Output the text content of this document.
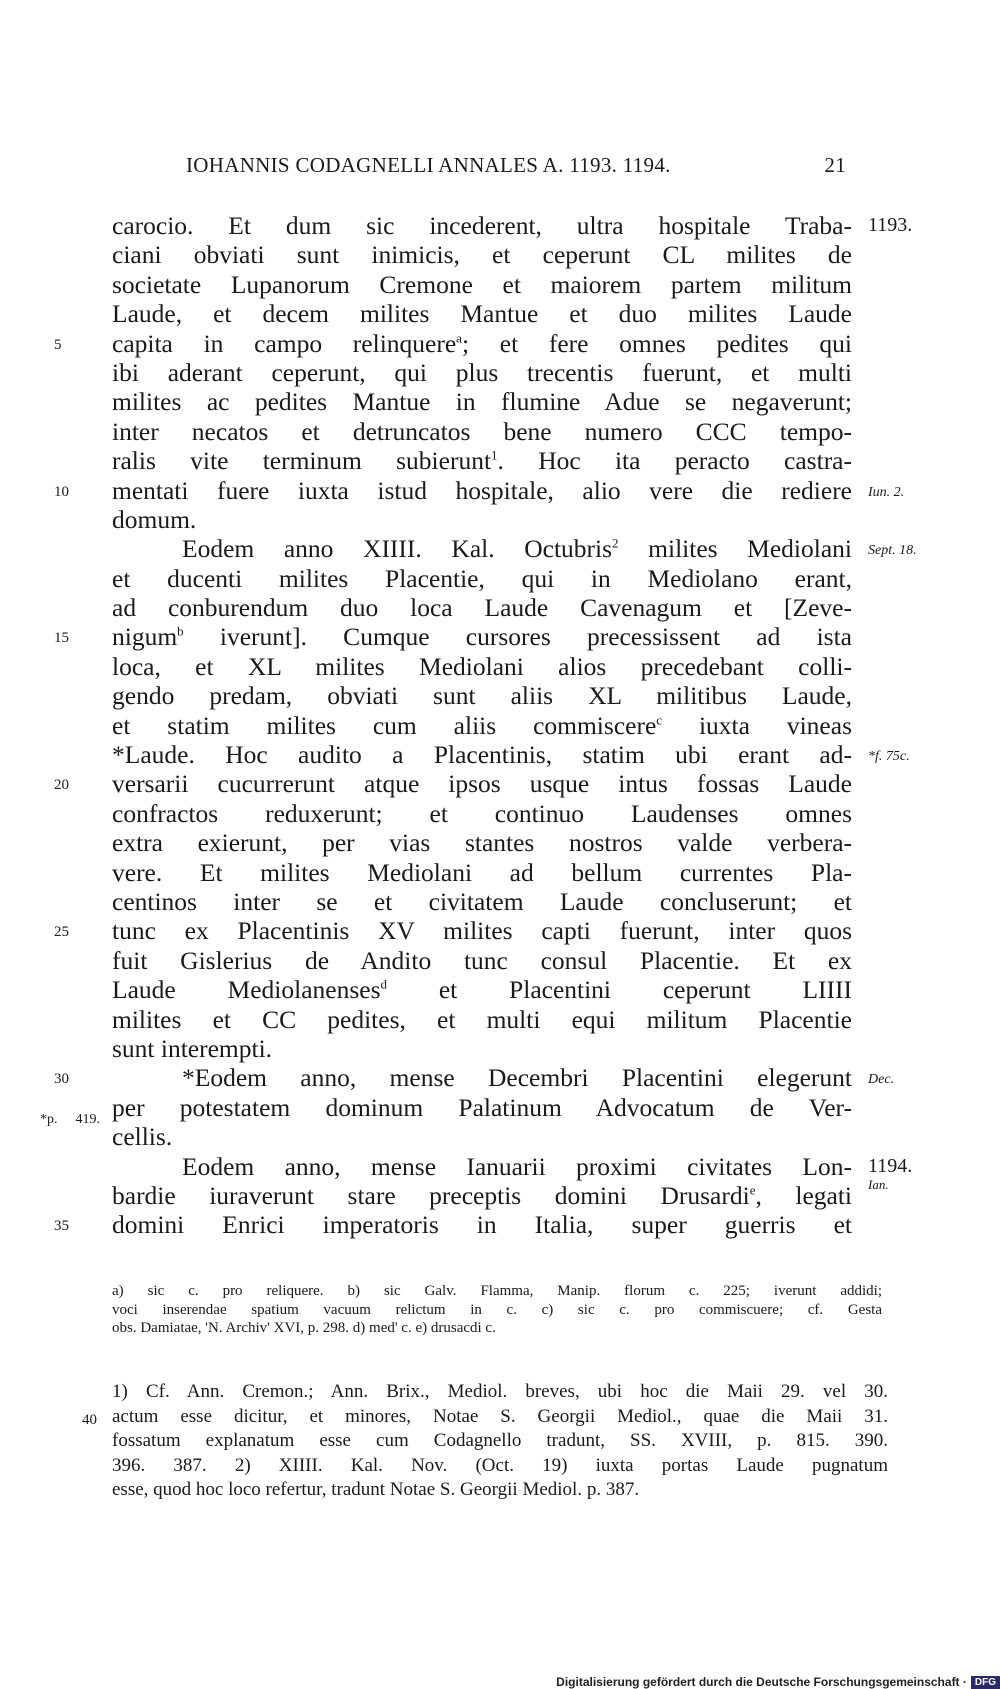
IOHANNIS CODAGNELLI ANNALES A. 1193. 1194.	21
carocio. Et dum sic incederent, ultra hospitale Traba- 1193.
ciani obviati sunt inimicis, et ceperunt CL milites de
societate Lupanorum Cremone et maiorem partem militum
Laude, et decem milites Mantue et duo milites Laude
5	capita in campo relinquere$^a$; et fere omnes pedites qui
ibi aderant ceperunt, qui plus trecentis fuerunt, et multi
milites ac pedites Mantue in flumine Adue se negaverunt;
inter necatos et detruncatos bene numero CCC tempo-
ralis vite terminum subierunt$^1$. Hoc ita peracto castra-
10	mentati fuere iuxta istud hospitale, alio vere die rediere Iun. 2.
domum.
Eodem anno XIIII. Kal. Octubris$^2$ milites Mediolani Sept. 18.
et ducenti milites Placentie, qui in Mediolano erant,
ad conburendum duo loca Laude Cavenagum et [Zeve-
15	nigum$^b$ iverunt]. Cumque cursores precessissent ad ista
loca, et XL milites Mediolani alios precedebant colli-
gendo predam, obviati sunt aliis XL militibus Laude,
et statim milites cum aliis commiscere$^c$ iuxta vineas
*Laude. Hoc audito a Placentinis, statim ubi erant ad- *f. 75c.
20	versarii cucurrerunt atque ipsos usque intus fossas Laude
confractos reduxerunt; et continuo Laudenses omnes
extra exierunt, per vias stantes nostros valde verbera-
vere. Et milites Mediolani ad bellum currentes Pla-
centinos inter se et civitatem Laude concluserunt; et
25	tunc ex Placentinis XV milites capti fuerunt, inter quos
fuit Gislerius de Andito tunc consul Placentie. Et ex
Laude Mediolanenses$^d$ et Placentini ceperunt LIIII
milites et CC pedites, et multi equi militum Placentie
sunt interempti.
30	*Eodem anno, mense Decembri Placentini elegerunt Dec.
*p. 419. per potestatem dominum Palatinum Advocatum de Ver-
cellis.
Eodem anno, mense Ianuarii proximi civitates Lon- 1194.
Ian.
bardie iuraverunt stare preceptis domini Drusardi$^e$, legati
35	domini Enrici imperatoris in Italia, super guerris et
a) sic c. pro reliquere. b) sic Galv. Flamma, Manip. florum c. 225; iverunt addidi;
voci inserendae spatium vacuum relictum in c. c) sic c. pro commiscuere; cf. Gesta
obs. Damiatae, 'N. Archiv' XVI, p. 298. d) med' c. e) drusacdi c.
1) Cf. Ann. Cremon.; Ann. Brix., Mediol. breves, ubi hoc die Maii 29. vel 30.
40 actum esse dicitur, et minores, Notae S. Georgii Mediol., quae die Maii 31.
fossatum explanatum esse cum Codagnello tradunt, SS. XVIII, p. 815. 390.
396. 387. 2) XIIII. Kal. Nov. (Oct. 19) iuxta portas Laude pugnatum
esse, quod hoc loco refertur, tradunt Notae S. Georgii Mediol. p. 387.
Digitalisierung gefördert durch die Deutsche Forschungsgemeinschaft · DFG
